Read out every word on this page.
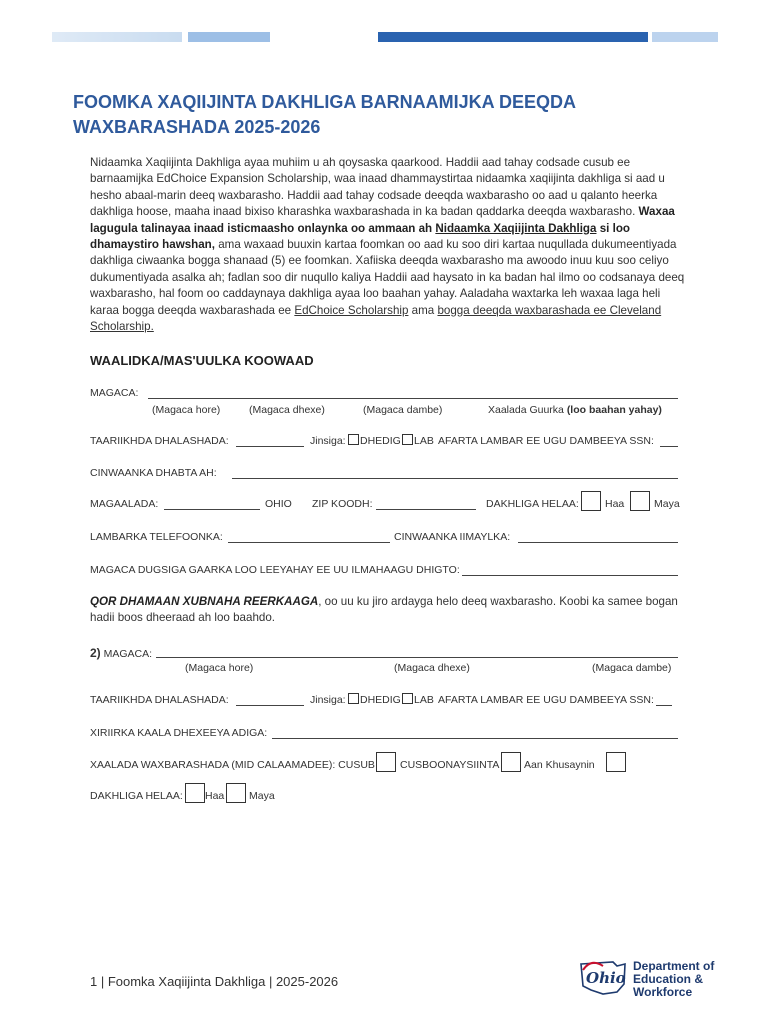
FOOMKA XAQIIJINTA DAKHLIGA BARNAAMIJKA DEEQDA WAXBARASHADA 2025-2026
Nidaamka Xaqiijinta Dakhliga ayaa muhiim u ah qoysaska qaarkood. Haddii aad tahay codsade cusub ee barnaamijka EdChoice Expansion Scholarship, waa inaad dhammaystirtaa nidaamka xaqiijinta dakhliga si aad u hesho abaal-marin deeq waxbarasho. Haddii aad tahay codsade deeqda waxbarasho oo aad u qalanto heerka dakhliga hoose, maaha inaad bixiso kharashka waxbarashada in ka badan qaddarka deeqda waxbarasho. Waxaa lagugula talinayaa inaad isticmaasho onlaynka oo ammaan ah Nidaamka Xaqiijinta Dakhliga si loo dhamaystiro hawshan, ama waxaad buuxin kartaa foomkan oo aad ku soo diri kartaa nuqullada dukumeentiyada dakhliga ciwaanka bogga shanaad (5) ee foomkan. Xafiiska deeqda waxbarasho ma awoodo inuu kuu soo celiyo dukumentiyada asalka ah; fadlan soo dir nuqullo kaliya Haddii aad haysato in ka badan hal ilmo oo codsanaya deeq waxbarasho, hal foom oo caddaynaya dakhliga ayaa loo baahan yahay. Aaladaha waxtarka leh waxaa laga heli karaa bogga deeqda waxbarashada ee EdChoice Scholarship ama bogga deeqda waxbarashada ee Cleveland Scholarship.
WAALIDKA/MAS'UULKA KOOWAAD
MAGACA:
(Magaca hore)	(Magaca dhexe)	(Magaca dambe)	Xaalada Guurka (loo baahan yahay)
TAARIIKHDA DHALASHADA:	Jinsiga: DHEDIG LAB AFARTA LAMBAR EE UGU DAMBEEYA SSN:
CINWAANKA DHABTA AH:
MAGAALADA:	OHIO ZIP KOODH:	DAKHLIGA HELAA: Haa	Maya
LAMBARKA TELEFOONKA:	CINWAANKA IIMAYLKA:
MAGACA DUGSIGA GAARKA LOO LEEYAHAY EE UU ILMAHAAGU DHIGTO:
QOR DHAMAAN XUBNAHA REERKAAGA, oo uu ku jiro ardayga helo deeq waxbarasho. Koobi ka samee bogan hadii boos dheeraad ah loo baahdo.
2) MAGACA:
(Magaca hore)	(Magaca dhexe)	(Magaca dambe)
TAARIIKHDA DHALASHADA:	Jinsiga: DHEDIG LAB AFARTA LAMBAR EE UGU DAMBEEYA SSN:
XIRIIRKA KAALA DHEXEEYA ADIGA:
XAALADA WAXBARASHADA (MID CALAAMADEE): CUSUB CUSBOONAYSIINTA Aan Khusaynin
DAKHLIGA HELAA: Haa Maya
1 | Foomka Xaqiijinta Dakhliga | 2025-2026	Ohio
Department of
Education &
Workforce
